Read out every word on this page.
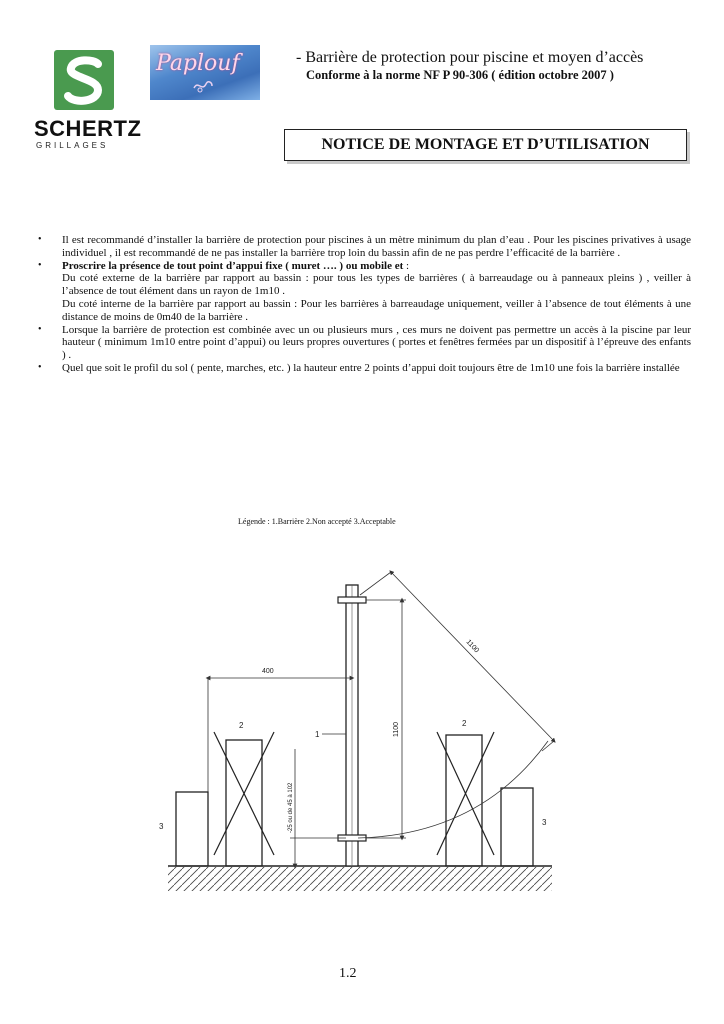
SCHERTZ
GRILLAGES
Paplouf	- Barrière de protection pour piscine et moyen d’accès
Conforme à la norme NF P 90-306 ( édition octobre 2007 )
NOTICE DE MONTAGE ET D’UTILISATION
• Il est recommandé d’installer la barrière de protection pour piscines à un mètre minimum du plan d’eau . Pour les piscines privatives à usage individuel , il est recommandé de ne pas installer la barrière trop loin du bassin afin de ne pas perdre l’efficacité de la barrière .
• Proscrire la présence de tout point d’appui fixe ( muret …. ) ou mobile et :
Du coté externe de la barrière par rapport au bassin : pour tous les types de barrières ( à barreaudage ou à panneaux pleins ) , veiller à l’absence de tout élément dans un rayon de 1m10 .
Du coté interne de la barrière par rapport au bassin : Pour les barrières à barreaudage uniquement, veiller à l’absence de tout éléments à une distance de moins de 0m40 de la barrière .
• Lorsque la barrière de protection est combinée avec un ou plusieurs murs , ces murs ne doivent pas permettre un accès à la piscine par leur hauteur ( minimum 1m10 entre point d’appui) ou leurs propres ouvertures ( portes et fenêtres fermées par un dispositif à l’épreuve des enfants ) .
• Quel que soit le profil du sol ( pente, marches, etc. ) la hauteur entre 2 points d’appui doit toujours être de 1m10 une fois la barrière installée
Légende : 1.Barrière 2.Non accepté 3.Acceptable
400
1100
1100
-25 ou de 45 à 102
1
2	2
3	3
1.2
